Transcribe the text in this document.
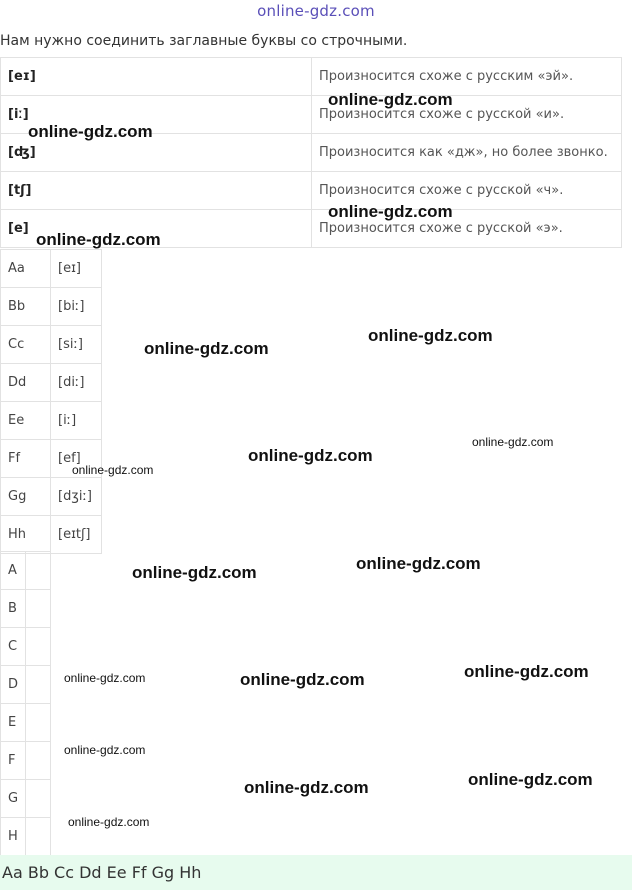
online-gdz.com
Нам нужно соединить заглавные буквы со строчными.
[eɪ]	Произносится схоже с русским «эй».
[iː]	Произносится схоже с русской «и».
[ʤ]	Произносится как «дж», но более звонко.
[tʃ]	Произносится схоже с русской «ч».
[e]	Произносится схоже с русской «э».
Aa	[eɪ]
Bb	[biː]
Cc	[siː]
Dd	[diː]
Ee	[iː]
Ff	[ef]
Gg	[dʒiː]
Hh	[eɪtʃ]
A	
B	
C	
D	
E	
F	
G	
H	
Aa Bb Cc Dd Ee Ff Gg Hh
online-gdz.com
online-gdz.com
online-gdz.com
online-gdz.com
online-gdz.com
online-gdz.com
online-gdz.com
online-gdz.com
online-gdz.com
online-gdz.com
online-gdz.com
online-gdz.com
online-gdz.com	online-gdz.com
online-gdz.com
online-gdz.com
online-gdz.com
online-gdz.com
